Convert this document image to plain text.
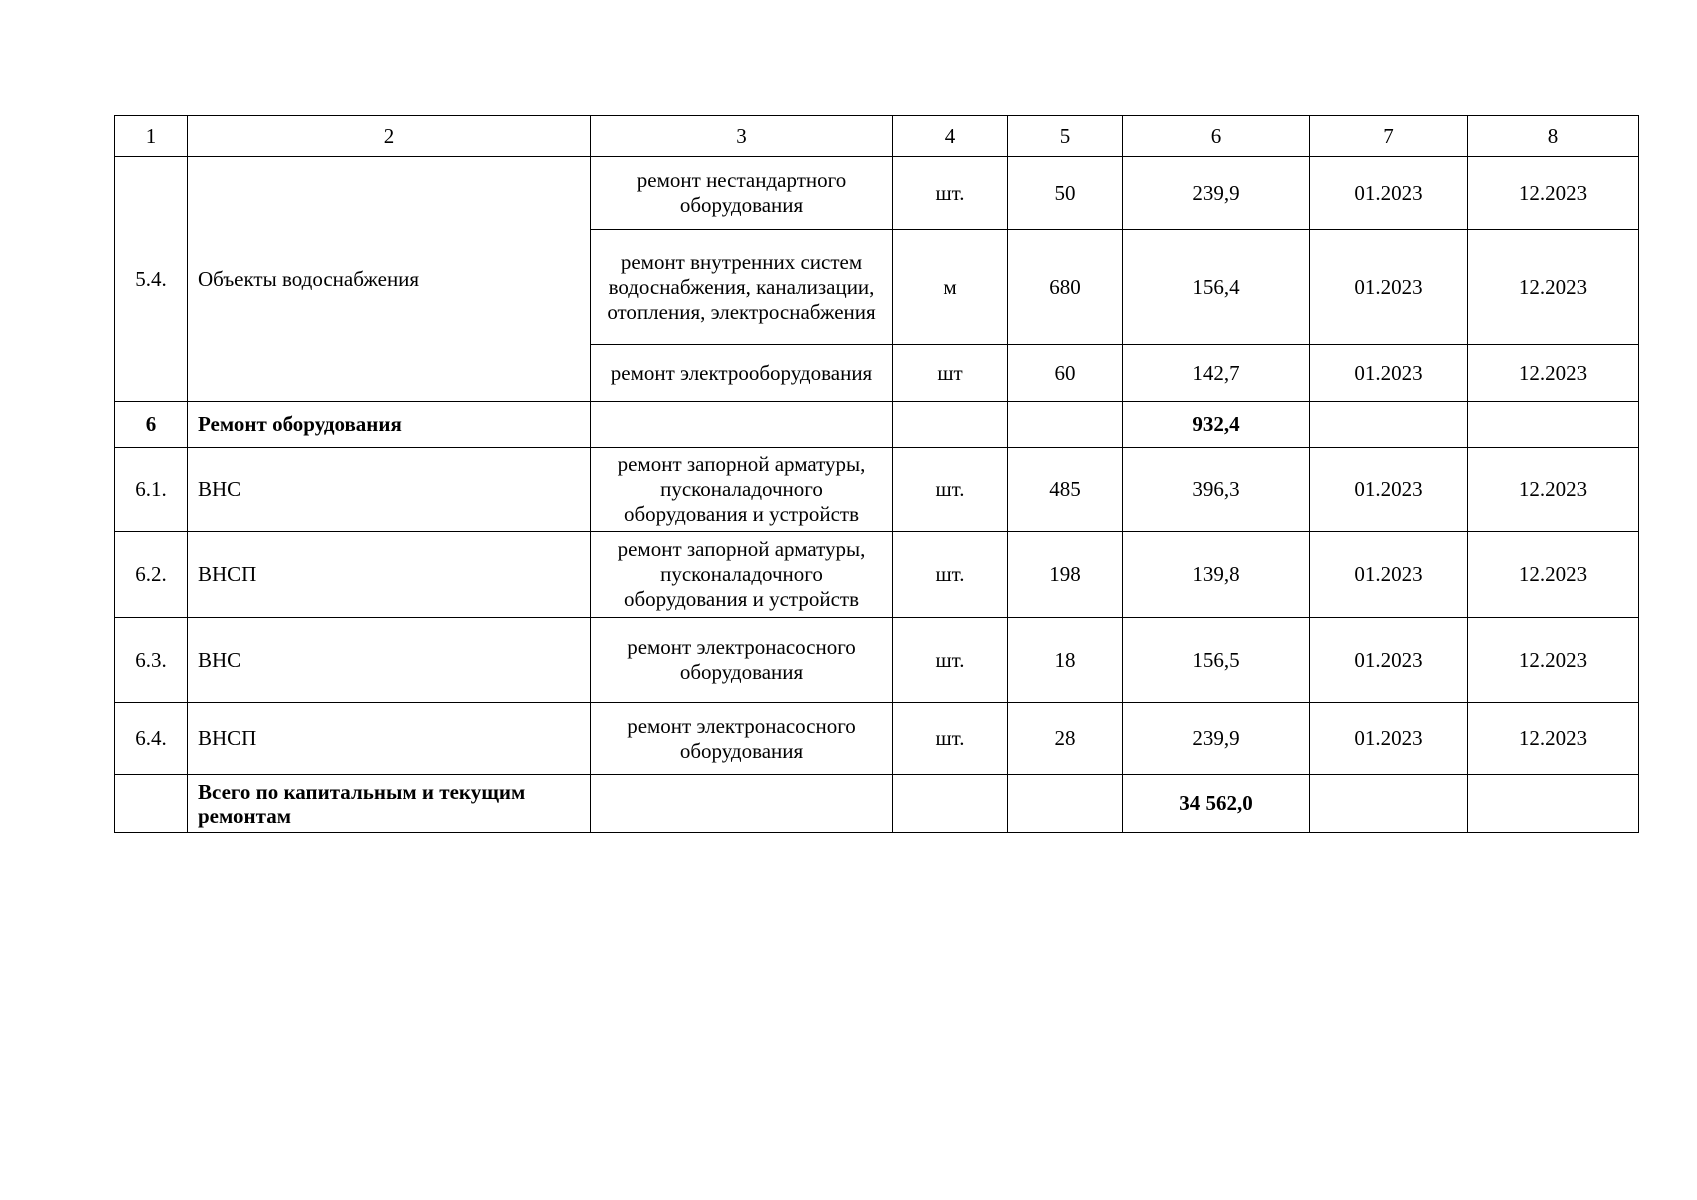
1	2	3	4	5	6	7	8
5.4.	Объекты водоснабжения	ремонт нестандартного оборудования	шт.	50	239,9	01.2023	12.2023
		ремонт внутренних систем водоснабжения, канализации, отопления, электроснабжения	м	680	156,4	01.2023	12.2023
		ремонт электрооборудования	шт	60	142,7	01.2023	12.2023
6	Ремонт оборудования				932,4		
6.1.	ВНС	ремонт запорной арматуры, пусконаладочного оборудования и устройств	шт.	485	396,3	01.2023	12.2023
6.2.	ВНСП	ремонт запорной арматуры, пусконаладочного оборудования и устройств	шт.	198	139,8	01.2023	12.2023
6.3.	ВНС	ремонт электронасосного оборудования	шт.	18	156,5	01.2023	12.2023
6.4.	ВНСП	ремонт электронасосного оборудования	шт.	28	239,9	01.2023	12.2023
	Всего по капитальным и текущим ремонтам				34 562,0		
